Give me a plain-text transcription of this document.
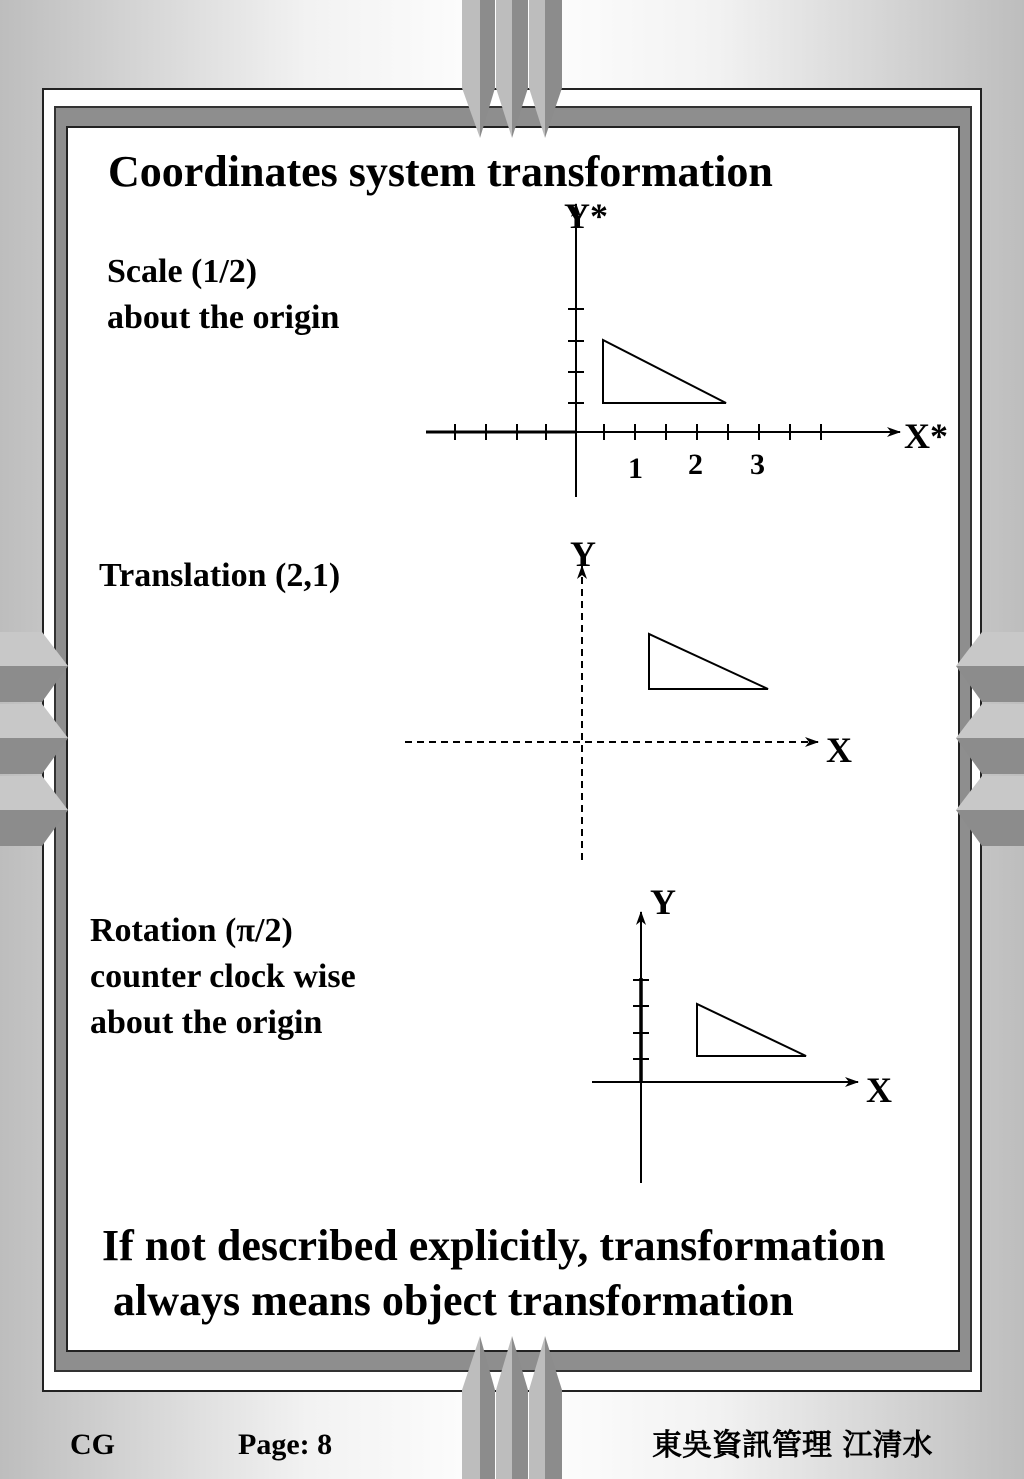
Coordinates system transformation
Scale (1/2)
about the origin
Translation (2,1)
Rotation (π/2)
counter clock wise
about the origin
Y*
X*
1 2 3
Y
X
Y
X
If not described explicitly, transformation
always means object transformation
CG	Page: 8	東吳資訊管理 江清水
